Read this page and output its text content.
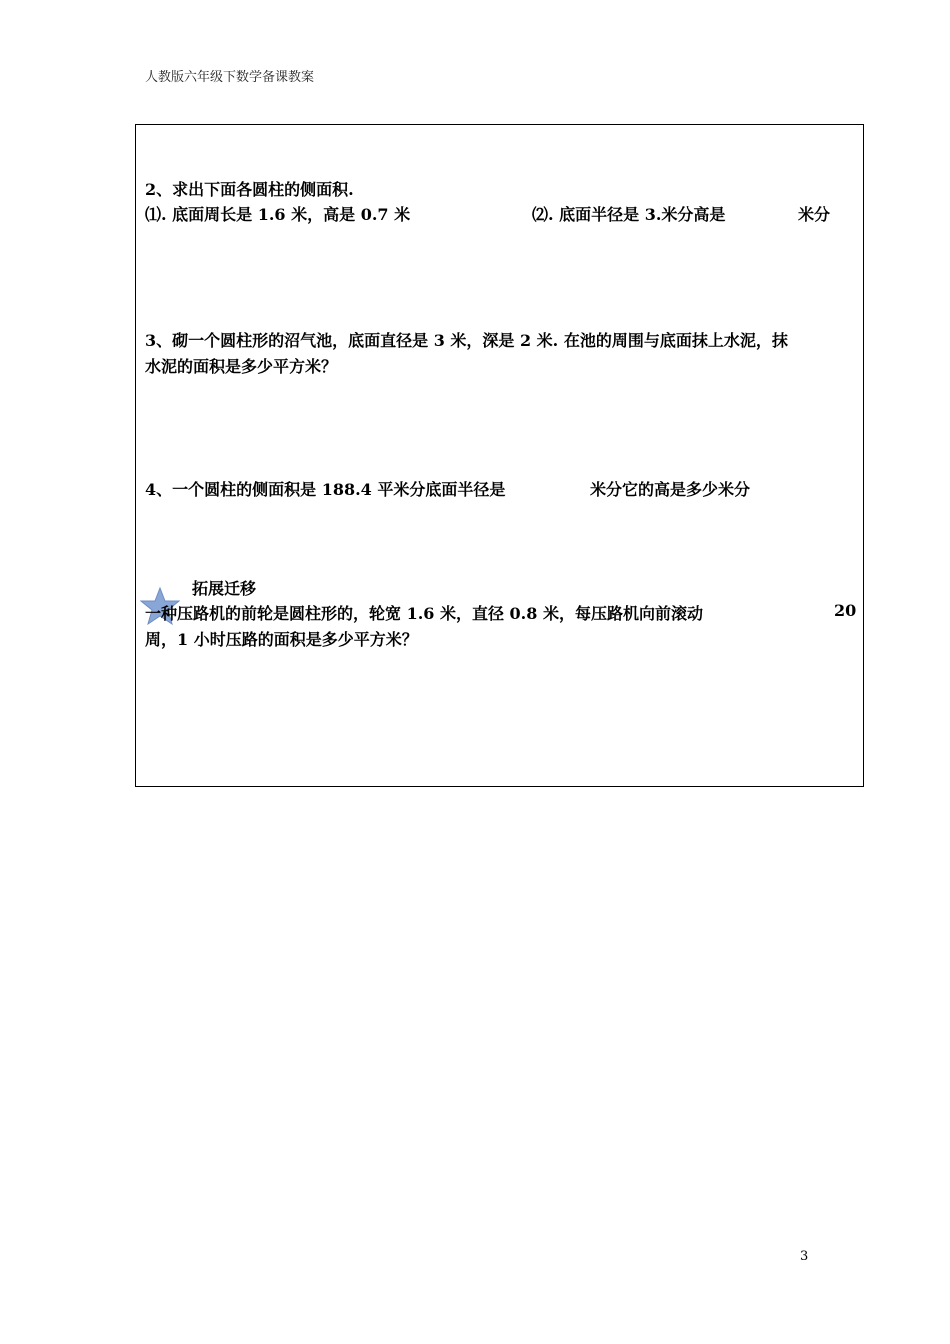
人教版六年级下数学备课教案
2、求出下面各圆柱的侧面积.
⑴. 底面周长是 1.6 米，高是 0.7 米	⑵. 底面半径是 3.米分高是	米分
3、砌一个圆柱形的沼气池，底面直径是 3 米，深是 2 米. 在池的周围与底面抹上水泥，抹
水泥的面积是多少平方米？
4、一个圆柱的侧面积是 188.4 平米分底面半径是	米分它的高是多少米分
拓展迁移
一种压路机的前轮是圆柱形的，轮宽 1.6 米，直径 0.8 米，每压路机向前滚动	20
周，1 小时压路的面积是多少平方米？
3
